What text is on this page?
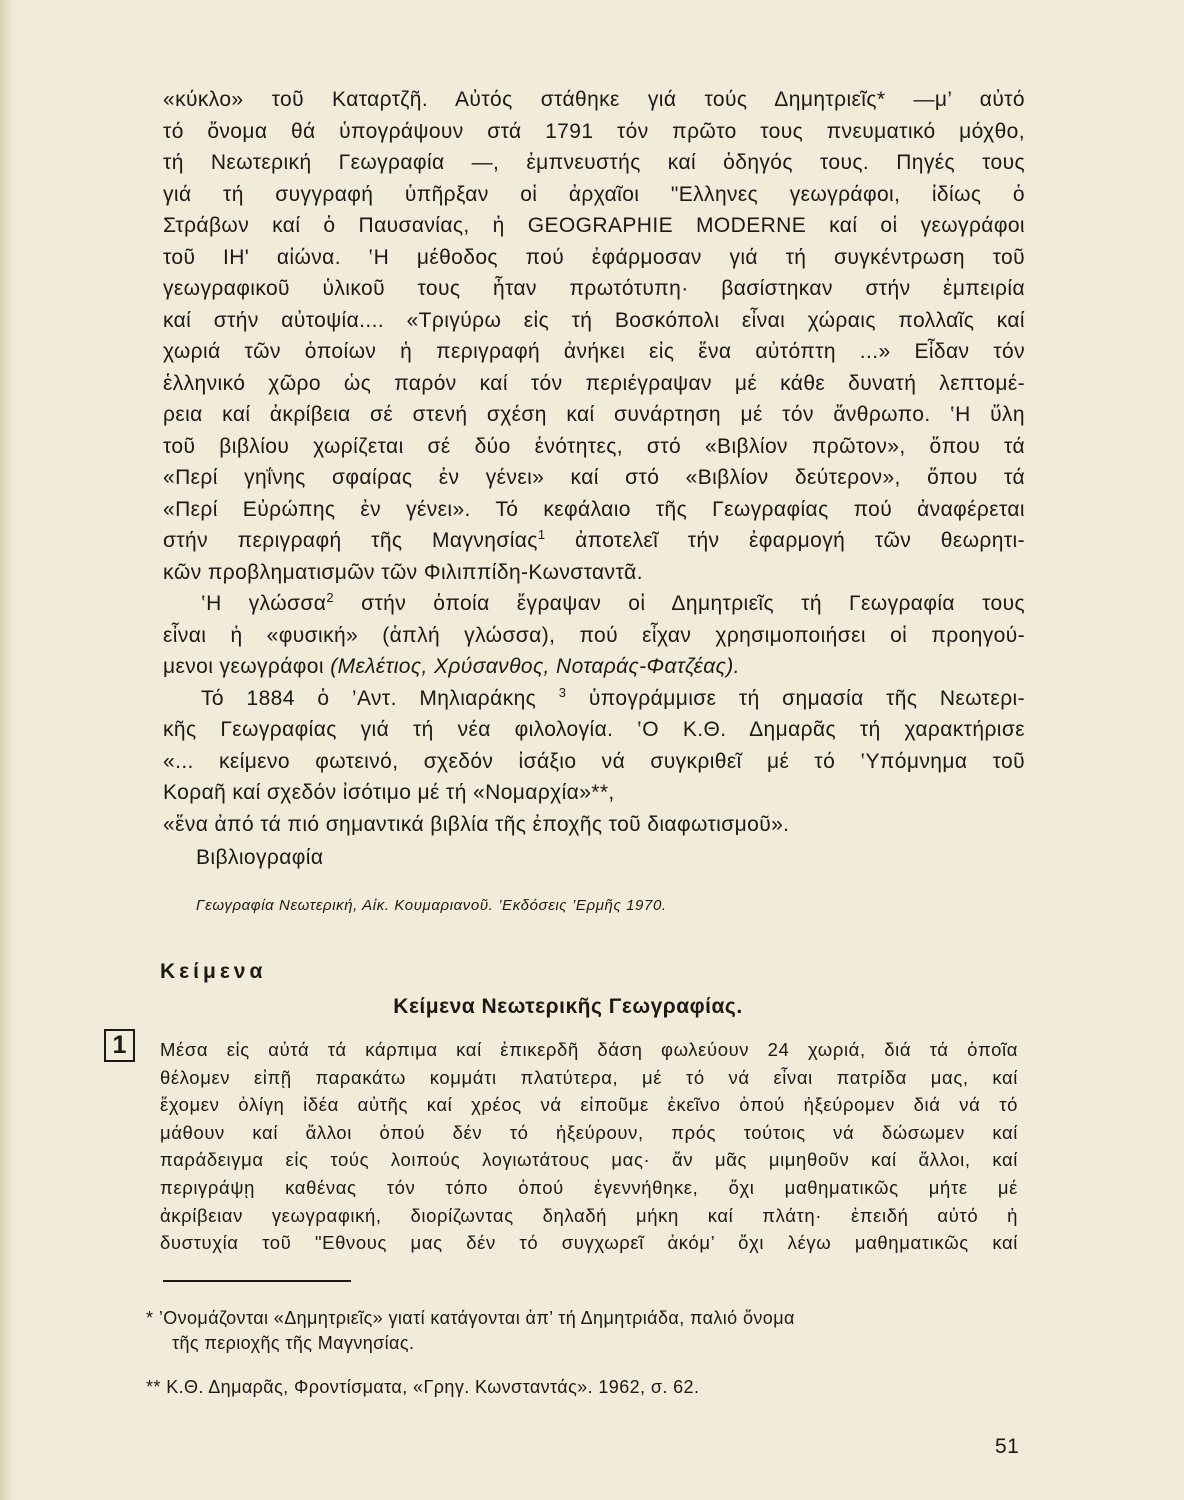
«κύκλο» τοῦ Καταρτζῆ. Αὐτός στάθηκε γιά τούς Δημητριεῖς* —μ’ αὐτό
τό ὄνομα θά ὑπογράψουν στά 1791 τόν πρῶτο τους πνευματικό μόχθο,
τή Νεωτερική Γεωγραφία —, ἐμπνευστής καί ὁδηγός τους. Πηγές τους
γιά τή συγγραφή ὑπῆρξαν οἱ ἀρχαῖοι "Ελληνες γεωγράφοι, ἰδίως ὁ
Στράβων καί ὁ Παυσανίας, ἡ GEOGRAPHIE MODERNE καί οἱ γεωγράφοι
τοῦ ΙΗ' αἰώνα. ‛Η μέθοδος πού ἐφάρμοσαν γιά τή συγκέντρωση τοῦ
γεωγραφικοῦ ὑλικοῦ τους ἦταν πρωτότυπη· βασίστηκαν στήν ἐμπειρία
καί στήν αὐτοψία.... «Τριγύρω εἰς τή Βοσκόπολι εἶναι χώραις πολλαῖς καί
χωριά τῶν ὁποίων ἡ περιγραφή ἀνήκει εἰς ἕνα αὐτόπτη ...» Εἶδαν τόν
ἑλληνικό χῶρο ὡς παρόν καί τόν περιέγραψαν μέ κάθε δυνατή λεπτομέ-
ρεια καί ἀκρίβεια σέ στενή σχέση καί συνάρτηση μέ τόν ἄνθρωπο. ‛Η ὕλη
τοῦ βιβλίου χωρίζεται σέ δύο ἑνότητες, στό «Βιβλίον πρῶτον», ὅπου τά
«Περί γηΐνης σφαίρας ἐν γένει» καί στό «Βιβλίον δεύτερον», ὅπου τά
«Περί Εὐρώπης ἐν γένει». Τό κεφάλαιο τῆς Γεωγραφίας πού ἀναφέρεται
στήν περιγραφή τῆς Μαγνησίας$^1$ ἀποτελεῖ τήν ἐφαρμογή τῶν θεωρητι-
κῶν προβληματισμῶν τῶν Φιλιππίδη-Κωνσταντᾶ.
‛Η γλώσσα$^2$ στήν ὁποία ἔγραψαν οἱ Δημητριεῖς τή Γεωγραφία τους
εἶναι ἡ «φυσική» (ἁπλή γλώσσα), πού εἶχαν χρησιμοποιήσει οἱ προηγού-
μενοι γεωγράφοι (Μελέτιος, Χρύσανθος, Νοταράς-Φατζέας).
Τό 1884 ὁ ’Αντ. Μηλιαράκης $^3$ ὑπογράμμισε τή σημασία τῆς Νεωτερι-
κῆς Γεωγραφίας γιά τή νέα φιλολογία. ‛Ο Κ.Θ. Δημαρᾶς τή χαρακτήρισε
«... κείμενο φωτεινό, σχεδόν ἰσάξιο νά συγκριθεῖ μέ τό ‛Υπόμνημα τοῦ
Κοραῆ καί σχεδόν ἰσότιμο μέ τή «Νομαρχία»**,
«ἕνα ἀπό τά πιό σημαντικά βιβλία τῆς ἐποχῆς τοῦ διαφωτισμοῦ».
Βιβλιογραφία
Γεωγραφία Νεωτερική, Αἰκ. Κουμαριανοῦ. ’Εκδόσεις ‛Ερμῆς 1970.
Κείμενα
Κείμενα Νεωτερικῆς Γεωγραφίας.
1	Μέσα εἰς αὐτά τά κάρπιμα καί ἐπικερδῆ δάση φωλεύουν 24 χωριά, διά τά ὁποῖα
θέλομεν εἰπῇ παρακάτω κομμάτι πλατύτερα, μέ τό νά εἶναι πατρίδα μας, καί
ἔχομεν ὀλίγη ἰδέα αὐτῆς καί χρέος νά εἰποῦμε ἐκεῖνο ὁπού ἠξεύρομεν διά νά τό
μάθουν καί ἄλλοι ὁπού δέν τό ἠξεύρουν, πρός τούτοις νά δώσωμεν καί
παράδειγμα εἰς τούς λοιπούς λογιωτάτους μας· ἄν μᾶς μιμηθοῦν καί ἄλλοι, καί
περιγράψῃ καθένας τόν τόπο ὁπού ἐγεννήθηκε, ὄχι μαθηματικῶς μήτε μέ
ἀκρίβειαν γεωγραφική, διορίζωντας δηλαδή μήκη καί πλάτη· ἐπειδή αὐτό ἡ
δυστυχία τοῦ "Εθνους μας δέν τό συγχωρεῖ ἀκόμ’ ὄχι λέγω μαθηματικῶς καί
* ’Ονομάζονται «Δημητριεῖς» γιατί κατάγονται ἀπ’ τή Δημητριάδα, παλιό ὄνομα
τῆς περιοχῆς τῆς Μαγνησίας.
** Κ.Θ. Δημαρᾶς, Φροντίσματα, «Γρηγ. Κωνσταντάς». 1962, σ. 62.
51
